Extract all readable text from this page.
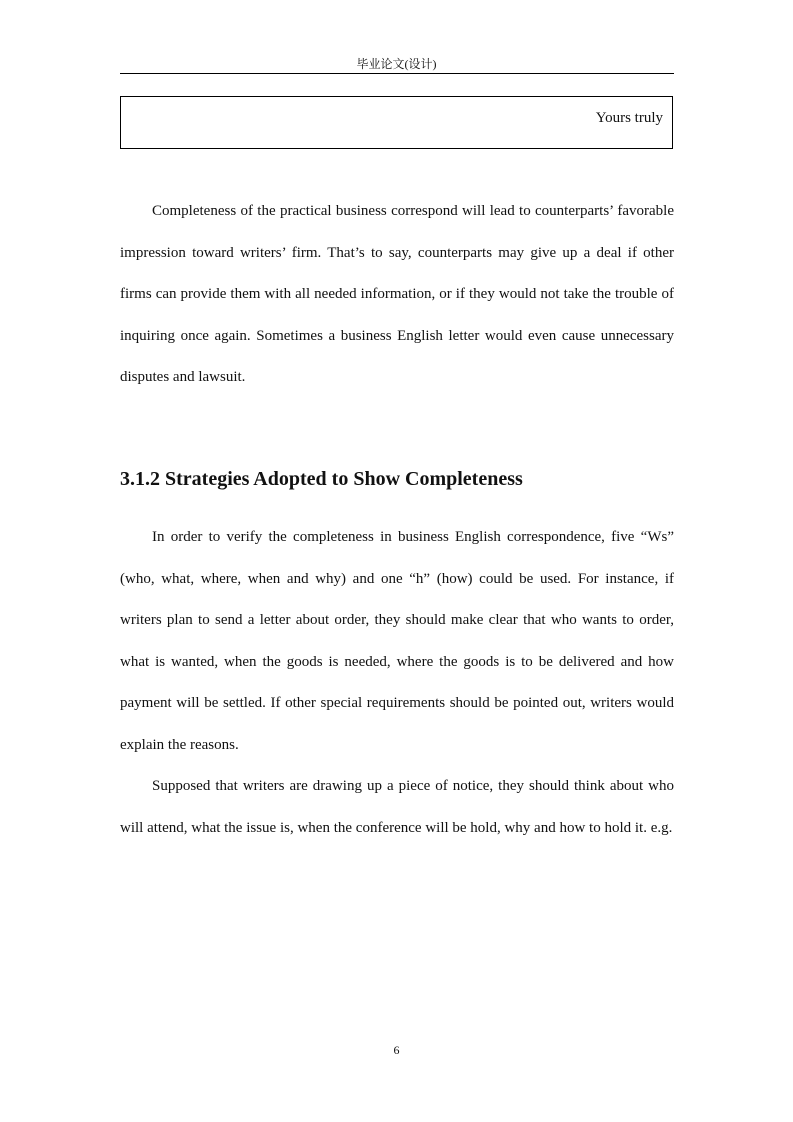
毕业论文(设计)
Yours truly

Completeness of the practical business correspond will lead to counterparts’ favorable impression toward writers’ firm. That’s to say, counterparts may give up a deal if other firms can provide them with all needed information, or if they would not take the trouble of inquiring once again. Sometimes a business English letter would even cause unnecessary disputes and lawsuit.

3.1.2 Strategies Adopted to Show Completeness

In order to verify the completeness in business English correspondence, five “Ws” (who, what, where, when and why) and one “h” (how) could be used. For instance, if writers plan to send a letter about order, they should make clear that who wants to order, what is wanted, when the goods is needed, where the goods is to be delivered and how payment will be settled. If other special requirements should be pointed out, writers would explain the reasons.

Supposed that writers are drawing up a piece of notice, they should think about who will attend, what the issue is, when the conference will be hold, why and how to hold it. e.g.

6
